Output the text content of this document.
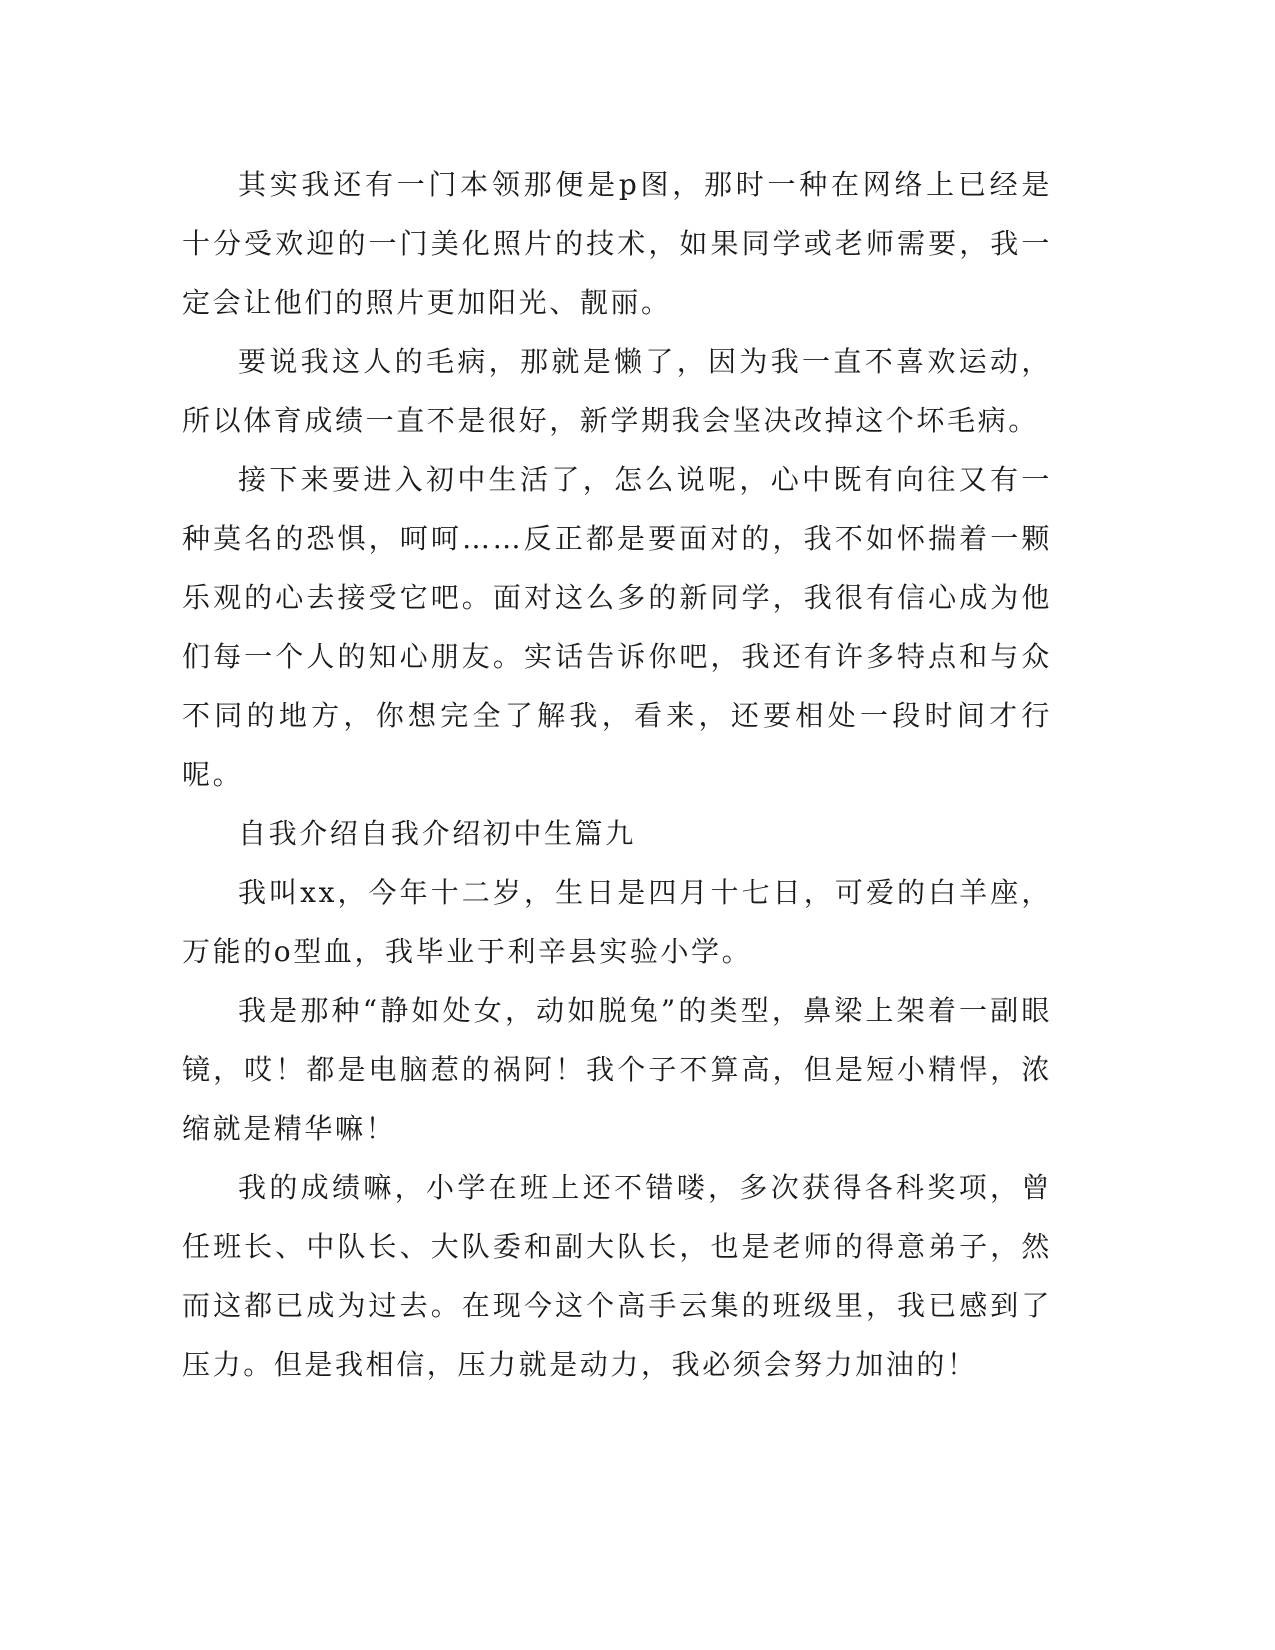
其实我还有一门本领那便是p图，那时一种在网络上已经是十分受欢迎的一门美化照片的技术，如果同学或老师需要，我一定会让他们的照片更加阳光、靓丽。

要说我这人的毛病，那就是懒了，因为我一直不喜欢运动，所以体育成绩一直不是很好，新学期我会坚决改掉这个坏毛病。

接下来要进入初中生活了，怎么说呢，心中既有向往又有一种莫名的恐惧，呵呵……反正都是要面对的，我不如怀揣着一颗乐观的心去接受它吧。面对这么多的新同学，我很有信心成为他们每一个人的知心朋友。实话告诉你吧，我还有许多特点和与众不同的地方，你想完全了解我，看来，还要相处一段时间才行呢。

自我介绍自我介绍初中生篇九

我叫xx，今年十二岁，生日是四月十七日，可爱的白羊座，万能的o型血，我毕业于利辛县实验小学。

我是那种“静如处女，动如脱兔”的类型，鼻梁上架着一副眼镜，哎！都是电脑惹的祸阿！我个子不算高，但是短小精悍，浓缩就是精华嘛！

我的成绩嘛，小学在班上还不错喽，多次获得各科奖项，曾任班长、中队长、大队委和副大队长，也是老师的得意弟子，然而这都已成为过去。在现今这个高手云集的班级里，我已感到了压力。但是我相信，压力就是动力，我必须会努力加油的！
